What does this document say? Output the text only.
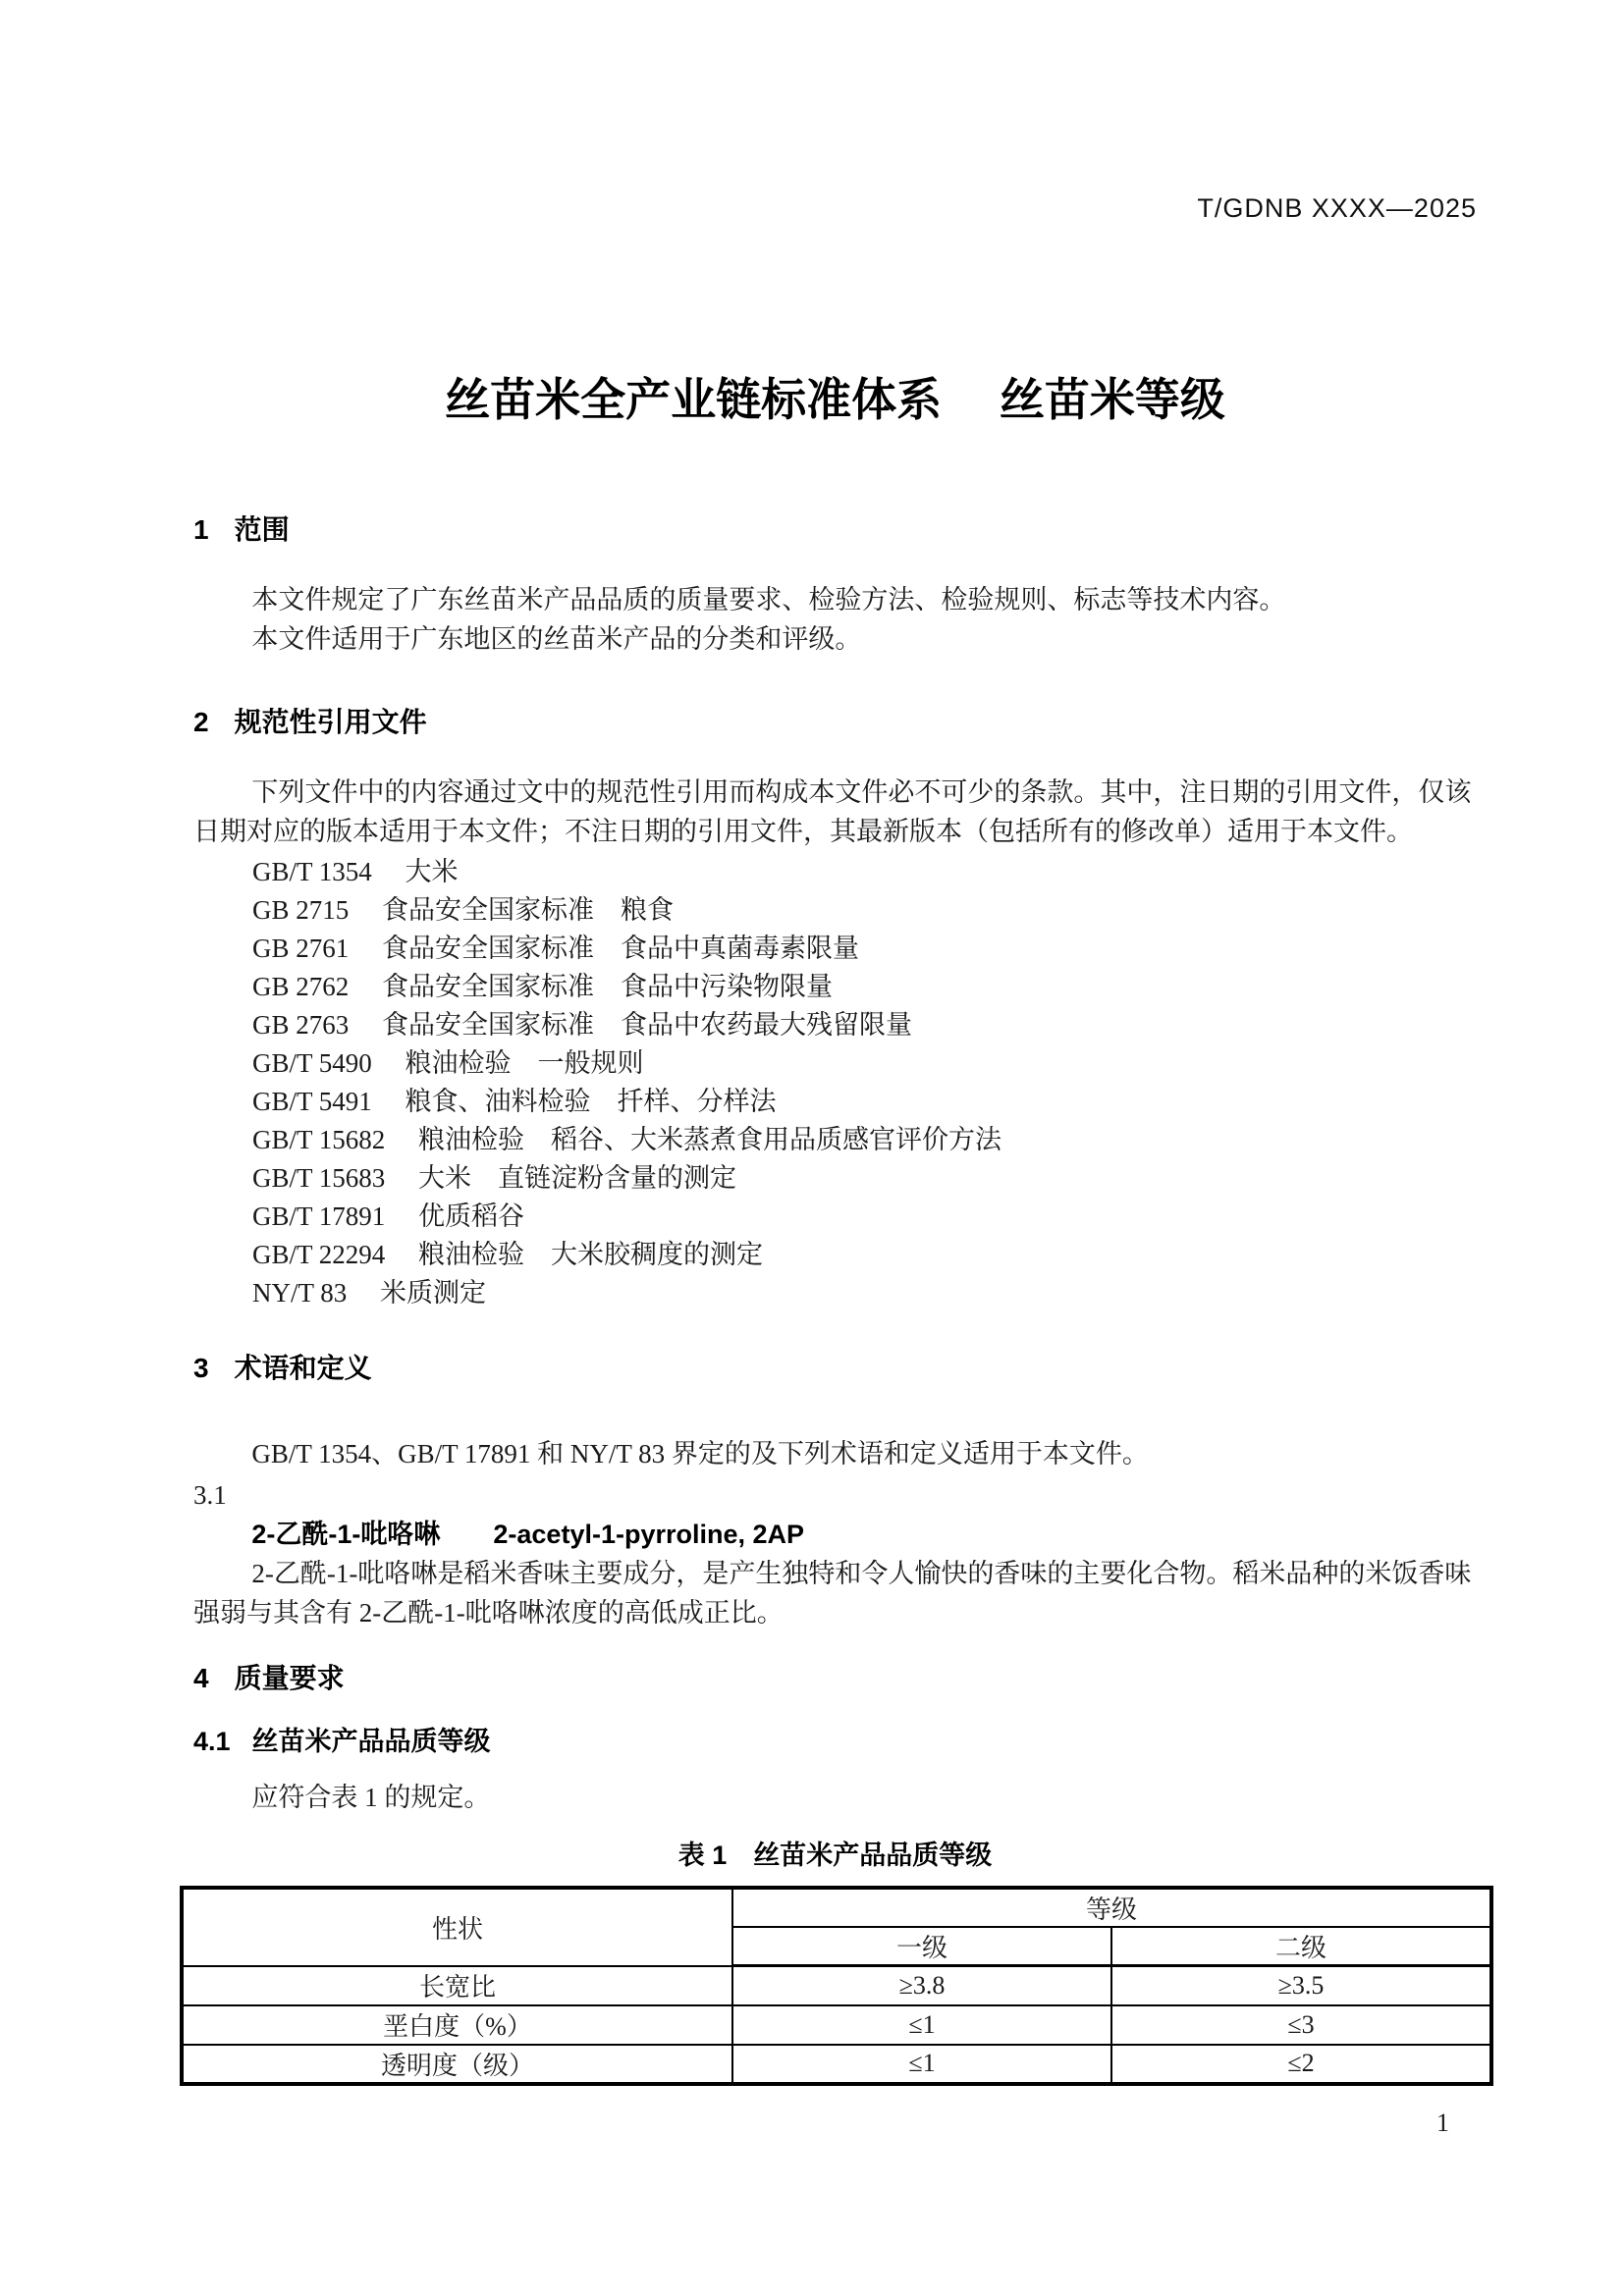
T/GDNB XXXX—2025
丝苗米全产业链标准体系　 丝苗米等级
1 范围
本文件规定了广东丝苗米产品品质的质量要求、检验方法、检验规则、标志等技术内容。
本文件适用于广东地区的丝苗米产品的分类和评级。
2 规范性引用文件
下列文件中的内容通过文中的规范性引用而构成本文件必不可少的条款。其中，注日期的引用文件，仅该日期对应的版本适用于本文件；不注日期的引用文件，其最新版本（包括所有的修改单）适用于本文件。
GB/T 1354 　大米
GB 2715 　食品安全国家标准　粮食
GB 2761 　食品安全国家标准　食品中真菌毒素限量
GB 2762 　食品安全国家标准　食品中污染物限量
GB 2763 　食品安全国家标准　食品中农药最大残留限量
GB/T 5490 　粮油检验　一般规则
GB/T 5491 　粮食、油料检验　扦样、分样法
GB/T 15682 　粮油检验　稻谷、大米蒸煮食用品质感官评价方法
GB/T 15683 　大米　直链淀粉含量的测定
GB/T 17891 　优质稻谷
GB/T 22294 　粮油检验　大米胶稠度的测定
NY/T 83 　米质测定
3 术语和定义
GB/T 1354、GB/T 17891 和 NY/T 83 界定的及下列术语和定义适用于本文件。
3.1
2-乙酰-1-吡咯啉　　2-acetyl-1-pyrroline, 2AP
2-乙酰-1-吡咯啉是稻米香味主要成分，是产生独特和令人愉快的香味的主要化合物。稻米品种的米饭香味强弱与其含有 2-乙酰-1-吡咯啉浓度的高低成正比。
4 质量要求
4.1 丝苗米产品品质等级
应符合表 1 的规定。
表 1　丝苗米产品品质等级
性状	等级	
	一级	二级
长宽比	≥3.8	≥3.5
垩白度（%）	≤1	≤3
透明度（级）	≤1	≤2
1
